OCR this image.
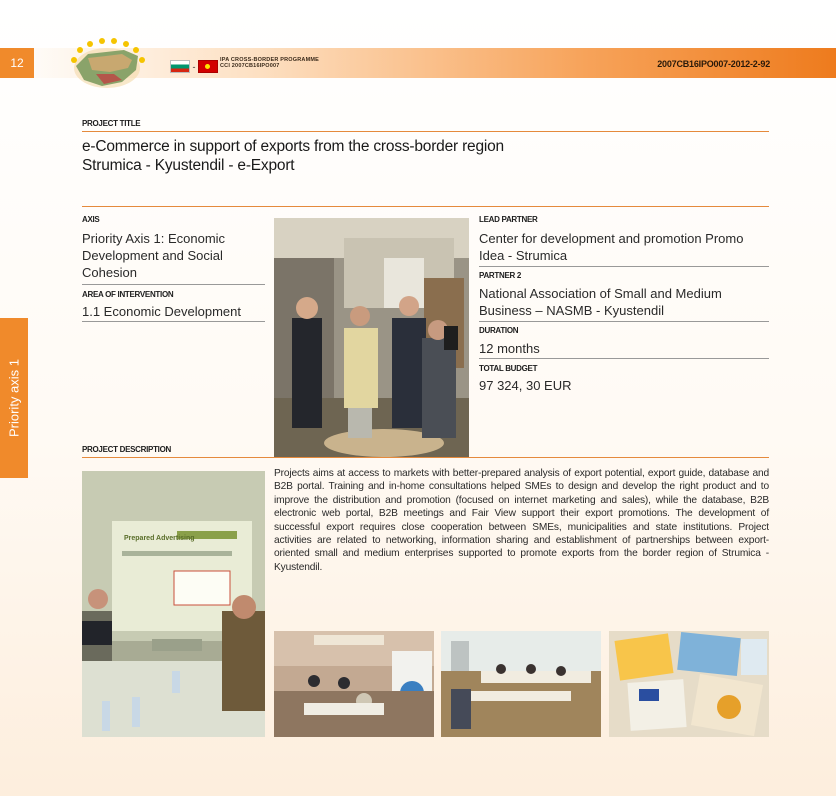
12	-
IPA CROSS-BORDER PROGRAMME
CCI 2007CB16IPO007	2007CB16IPO007-2012-2-92
Priority axis 1
PROJECT TITLE
e-Commerce in support of exports from the cross-border region
Strumica - Kyustendil - e-Export
AXIS
Priority Axis 1: Economic Development and Social Cohesion
AREA OF INTERVENTION
1.1 Economic Development
LEAD PARTNER
Center for development and promotion Promo Idea - Strumica
PARTNER 2
National Association of Small and Medium Business – NASMB - Kyustendil
DURATION
12 months
TOTAL BUDGET
97 324, 30 EUR
PROJECT DESCRIPTION
Prepared Advertising
Projects aims at access to markets with better-prepared analysis of export potential, export guide, database and B2B portal. Training and in-home consultations helped SMEs to design and develop the right product and to improve the distribution and promotion (focused on internet marketing and sales), while the database, B2B electronic web portal, B2B meetings and Fair View support their export promotions. The development of successful export requires close cooperation between SMEs, municipalities and state institutions. Project activities are related to networking, information sharing and establishment of partnerships between export-oriented small and medium enterprises supported to promote exports from the border region of Strumica - Kyustendil.
